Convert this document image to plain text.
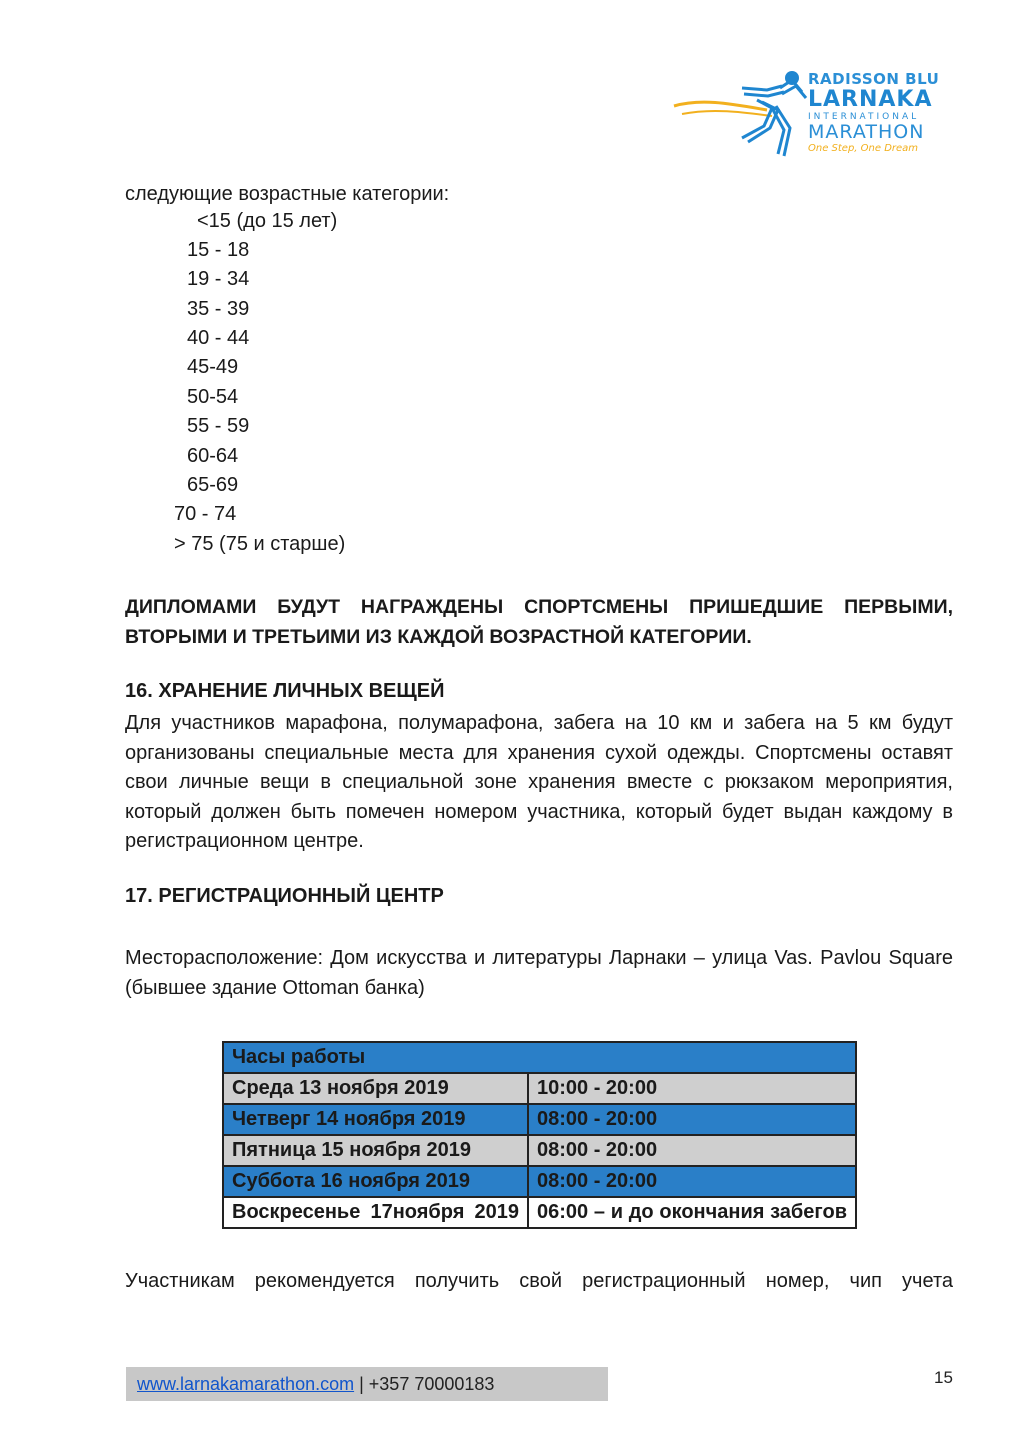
RADISSON BLU
LARNAKA
INTERNATIONAL
MARATHON
One Step, One Dream
следующие возрастные категории:
<15 (до 15 лет)
15 - 18
19 - 34
35 - 39
40 - 44
45-49
50-54
55 - 59
60-64
65-69
70 - 74
> 75 (75 и старше)
ДИПЛОМАМИ БУДУТ НАГРАЖДЕНЫ СПОРТСМЕНЫ ПРИШЕДШИЕ ПЕРВЫМИ, ВТОРЫМИ И ТРЕТЬИМИ ИЗ КАЖДОЙ ВОЗРАСТНОЙ КАТЕГОРИИ.
16. ХРАНЕНИЕ ЛИЧНЫХ ВЕЩЕЙ
Для участников марафона, полумарафона, забега на 10 км и забега на 5 км будут организованы специальные места для хранения сухой одежды. Спортсмены оставят свои личные вещи в специальной зоне хранения вместе с рюкзаком мероприятия, который должен быть помечен номером участника, который будет выдан каждому в регистрационном центре.
17. РЕГИСТРАЦИОННЫЙ ЦЕНТР
Месторасположение: Дом искусства и литературы Ларнаки – улица Vas. Pavlou Square (бывшее здание Ottoman банка)
Часы работы	
Среда 13 ноября 2019	10:00 - 20:00
Четверг 14 ноября 2019	08:00 - 20:00
Пятница 15 ноября 2019	08:00 - 20:00
Суббота 16 ноября 2019	08:00 - 20:00
Воскресенье 17ноября 2019	06:00 – и до окончания забегов
Участникам рекомендуется получить свой регистрационный номер, чип учета
www.larnakamarathon.com | +357 70000183	15
